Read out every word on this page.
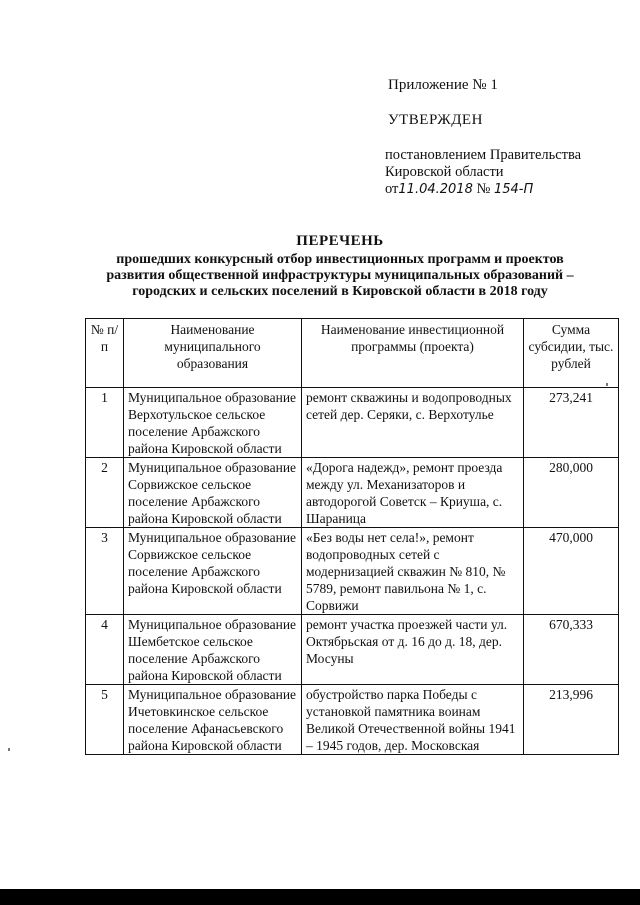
Приложение № 1
УТВЕРЖДЕН
постановлением Правительства
Кировской области
от11.04.2018 № 154-П
ПЕРЕЧЕНЬ
прошедших конкурсный отбор инвестиционных программ и проектов
развития общественной инфраструктуры муниципальных образований –
городских и сельских поселений в Кировской области в 2018 году
№ п/п	Наименование муниципального образования	Наименование инвестиционной программы (проекта)	Сумма субсидии, тыс. рублей
1	Муниципальное образование Верхотульское сельское поселение Арбажского района Кировской области	ремонт скважины и водопроводных сетей дер. Серяки, с. Верхотулье	273,241
2	Муниципальное образование Сорвижское сельское поселение Арбажского района Кировской области	«Дорога надежд», ремонт проезда между ул. Механизаторов и автодорогой Советск – Криуша, с. Шараница	280,000
3	Муниципальное образование Сорвижское сельское поселение Арбажского района Кировской области	«Без воды нет села!», ремонт водопроводных сетей с модернизацией скважин № 810, № 5789, ремонт павильона № 1, с. Сорвижи	470,000
4	Муниципальное образование Шембетское сельское поселение Арбажского района Кировской области	ремонт участка проезжей части ул. Октябрьская от д. 16 до д. 18, дер. Мосуны	670,333
5	Муниципальное образование Ичетовкинское сельское поселение Афанасьевского района Кировской области	обустройство парка Победы с установкой памятника воинам Великой Отечественной войны 1941 – 1945 годов, дер. Московская	213,996
